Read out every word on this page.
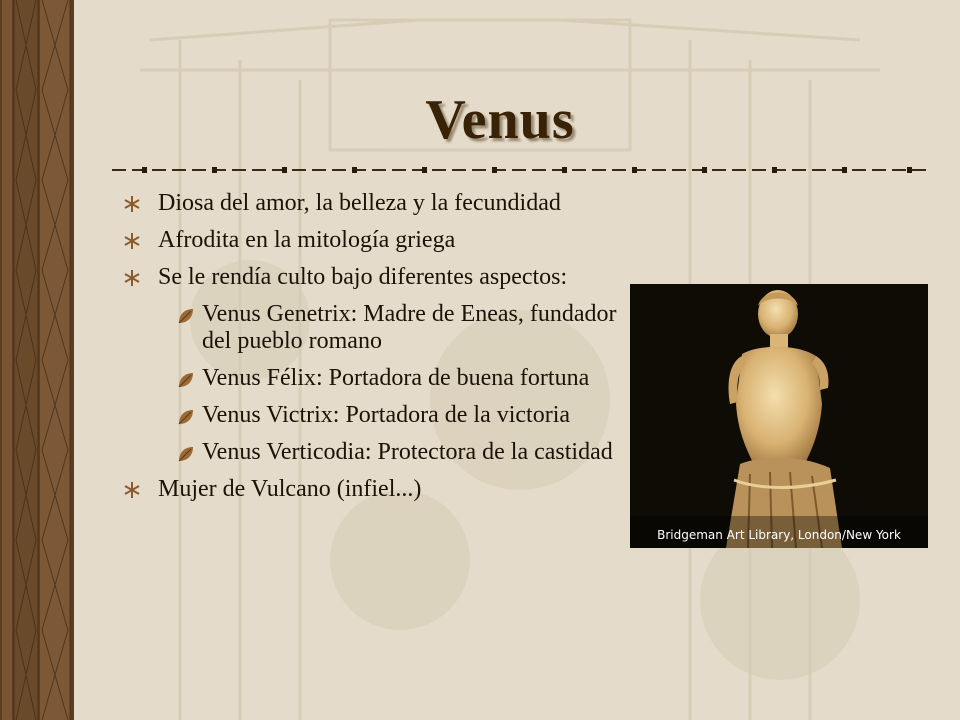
Venus
Diosa del amor, la belleza y la fecundidad
Afrodita en la mitología griega
Se le rendía culto bajo diferentes aspectos:
Venus Genetrix: Madre de Eneas, fundador del pueblo romano
Venus Félix: Portadora de buena fortuna
Venus Victrix: Portadora de la victoria
Venus Verticodia: Protectora de la castidad
Mujer de Vulcano (infiel...)
Bridgeman Art Library, London/New York
